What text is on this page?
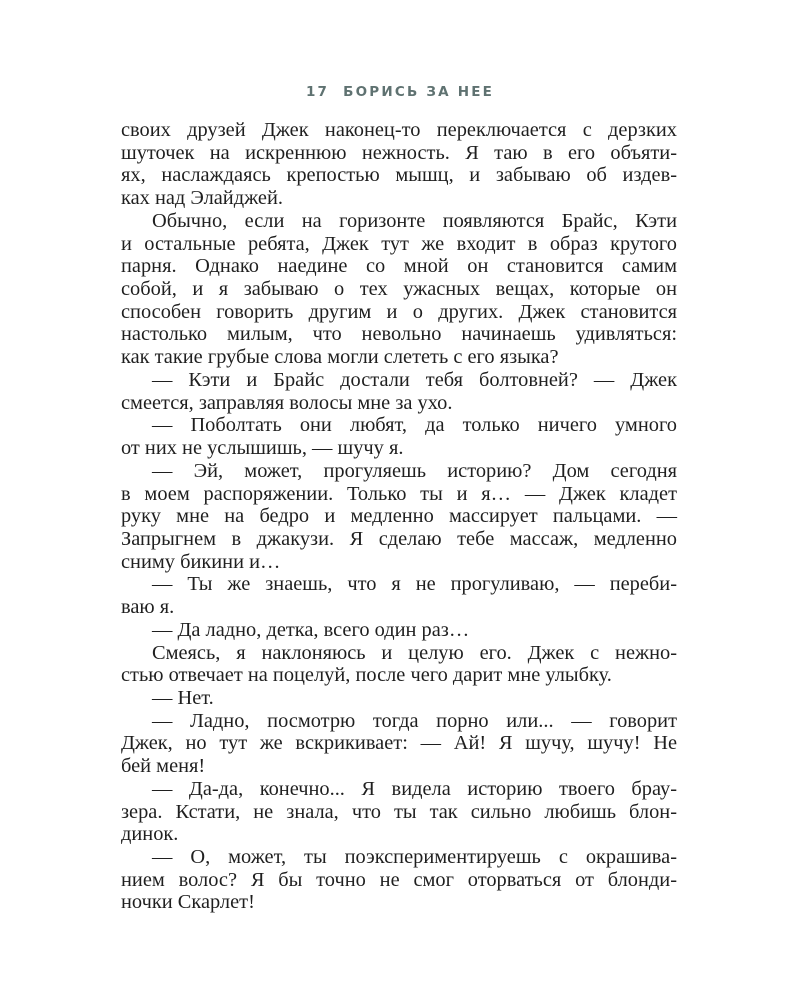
17 БОРИСЬ ЗА НЕЕ
своих друзей Джек наконец-то переключается с дерзких
шуточек на искреннюю нежность. Я таю в его объяти-
ях, наслаждаясь крепостью мышц, и забываю об издев-
ках над Элайджей.
Обычно, если на горизонте появляются Брайс, Кэти
и остальные ребята, Джек тут же входит в образ крутого
парня. Однако наедине со мной он становится самим
собой, и я забываю о тех ужасных вещах, которые он
способен говорить другим и о других. Джек становится
настолько милым, что невольно начинаешь удивляться:
как такие грубые слова могли слететь с его языка?
— Кэти и Брайс достали тебя болтовней? — Джек
смеется, заправляя волосы мне за ухо.
— Поболтать они любят, да только ничего умного
от них не услышишь, — шучу я.
— Эй, может, прогуляешь историю? Дом сегодня
в моем распоряжении. Только ты и я… — Джек кладет
руку мне на бедро и медленно массирует пальцами. —
Запрыгнем в джакузи. Я сделаю тебе массаж, медленно
сниму бикини и…
— Ты же знаешь, что я не прогуливаю, — переби-
ваю я.
— Да ладно, детка, всего один раз…
Смеясь, я наклоняюсь и целую его. Джек с нежно-
стью отвечает на поцелуй, после чего дарит мне улыбку.
— Нет.
— Ладно, посмотрю тогда порно или... — говорит
Джек, но тут же вскрикивает: — Ай! Я шучу, шучу! Не
бей меня!
— Да-да, конечно... Я видела историю твоего брау-
зера. Кстати, не знала, что ты так сильно любишь блон-
динок.
— О, может, ты поэкспериментируешь с окрашива-
нием волос? Я бы точно не смог оторваться от блонди-
ночки Скарлет!
